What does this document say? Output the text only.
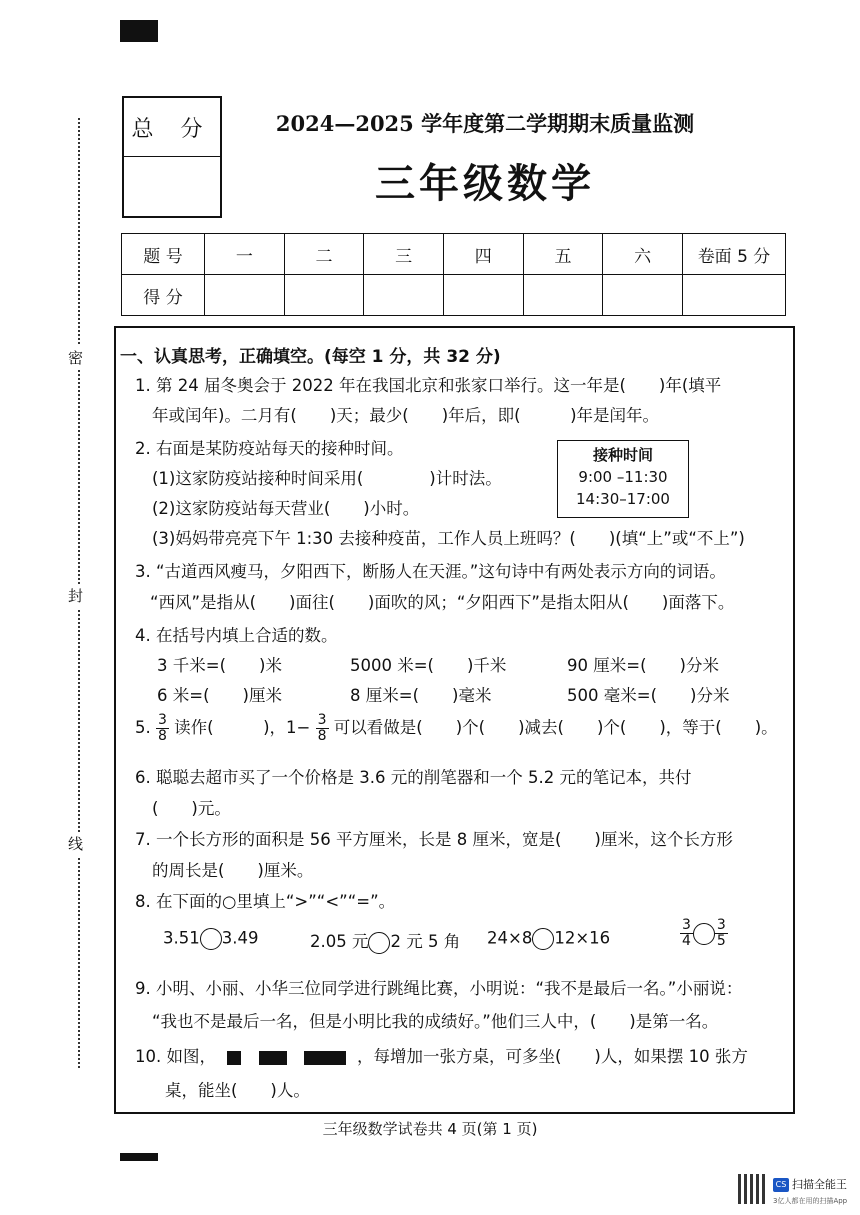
密
封
线
总 分	2024—2025 学年度第二学期期末质量监测
三年级数学
题 号	一	二	三	四	五	六	卷面 5 分
得 分							
一、认真思考，正确填空。(每空 1 分，共 32 分)
1. 第 24 届冬奥会于 2022 年在我国北京和张家口举行。这一年是(　　)年(填平
年或闰年)。二月有(　　)天；最少(　　)年后，即(　　　)年是闰年。
2. 右面是某防疫站每天的接种时间。
(1)这家防疫站接种时间采用(　　　　)计时法。
(2)这家防疫站每天营业(　　)小时。
(3)妈妈带亮亮下午 1:30 去接种疫苗，工作人员上班吗？(　　)(填“上”或“不上”)
接种时间
9:00 –11:30
14:30–17:00
3. “古道西风瘦马，夕阳西下，断肠人在天涯。”这句诗中有两处表示方向的词语。
“西风”是指从(　　)面往(　　)面吹的风；“夕阳西下”是指太阳从(　　)面落下。
4. 在括号内填上合适的数。
3 千米=(　　)米	5000 米=(　　)千米	90 厘米=(　　)分米
6 米=(　　)厘米	8 厘米=(　　)毫米	500 毫米=(　　)分米
5. $\frac{3}{8}$ 读作(　　　)，$1- \frac{3}{8}$ 可以看做是(　　)个(　　)减去(　　)个(　　)，等于(　　)。
6. 聪聪去超市买了一个价格是 3.6 元的削笔器和一个 5.2 元的笔记本，共付
(　　)元。
7. 一个长方形的面积是 56 平方厘米，长是 8 厘米，宽是(　　)厘米，这个长方形
的周长是(　　)厘米。
8. 在下面的○里填上“>”“<”“=”。
3.51 3.49	2.05 元 2 元 5 角 24×8 12×16	$\frac{3}{4} \frac{3}{5}$
9. 小明、小丽、小华三位同学进行跳绳比赛，小明说：“我不是最后一名。”小丽说：
“我也不是最后一名，但是小明比我的成绩好。”他们三人中，(　　)是第一名。
10. 如图，	，每增加一张方桌，可多坐(　　)人，如果摆 10 张方
桌，能坐(　　)人。
三年级数学试卷共 4 页(第 1 页)
CS 扫描全能王
3亿人都在用的扫描App
